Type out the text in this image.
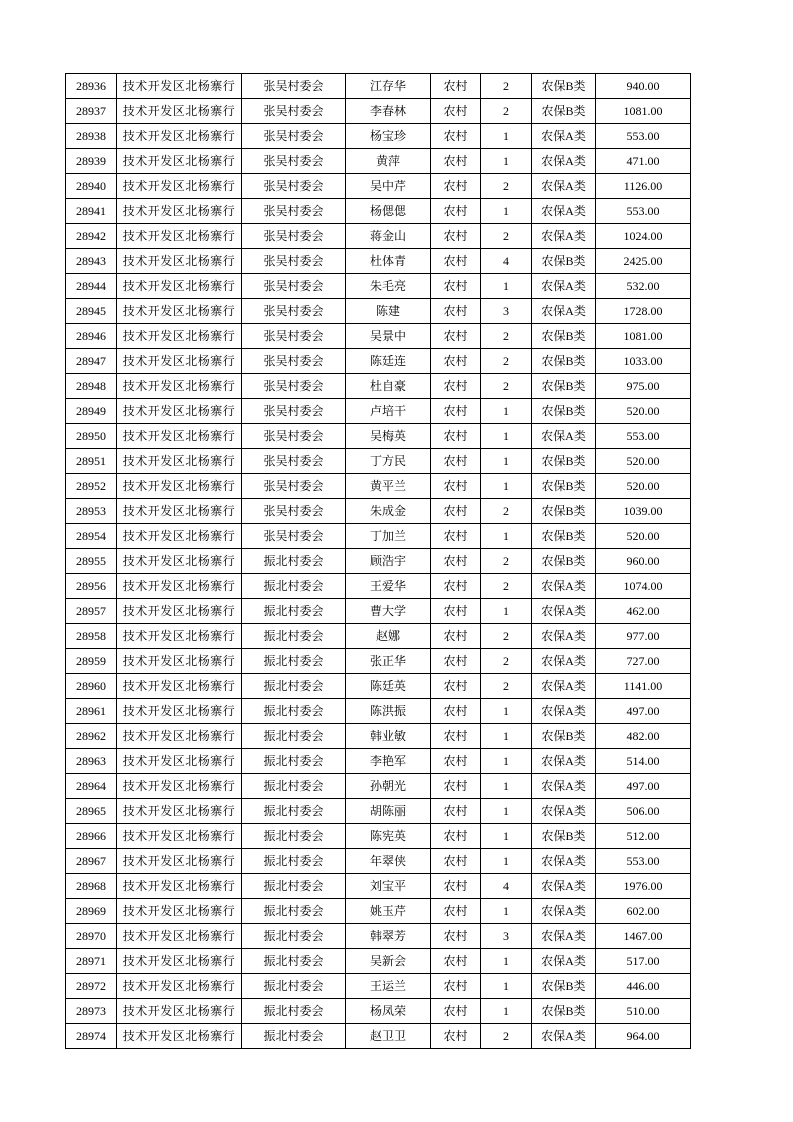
28936	技术开发区北杨寨行	张吴村委会	江存华	农村	2	农保B类	940.00
28937	技术开发区北杨寨行	张吴村委会	李春林	农村	2	农保B类	1081.00
28938	技术开发区北杨寨行	张吴村委会	杨宝珍	农村	1	农保A类	553.00
28939	技术开发区北杨寨行	张吴村委会	黄萍	农村	1	农保A类	471.00
28940	技术开发区北杨寨行	张吴村委会	吴中芹	农村	2	农保A类	1126.00
28941	技术开发区北杨寨行	张吴村委会	杨偲偲	农村	1	农保A类	553.00
28942	技术开发区北杨寨行	张吴村委会	蒋金山	农村	2	农保A类	1024.00
28943	技术开发区北杨寨行	张吴村委会	杜体青	农村	4	农保B类	2425.00
28944	技术开发区北杨寨行	张吴村委会	朱毛亮	农村	1	农保A类	532.00
28945	技术开发区北杨寨行	张吴村委会	陈建	农村	3	农保A类	1728.00
28946	技术开发区北杨寨行	张吴村委会	吴景中	农村	2	农保B类	1081.00
28947	技术开发区北杨寨行	张吴村委会	陈廷连	农村	2	农保B类	1033.00
28948	技术开发区北杨寨行	张吴村委会	杜自豪	农村	2	农保B类	975.00
28949	技术开发区北杨寨行	张吴村委会	卢培干	农村	1	农保B类	520.00
28950	技术开发区北杨寨行	张吴村委会	吴梅英	农村	1	农保A类	553.00
28951	技术开发区北杨寨行	张吴村委会	丁方民	农村	1	农保B类	520.00
28952	技术开发区北杨寨行	张吴村委会	黄平兰	农村	1	农保B类	520.00
28953	技术开发区北杨寨行	张吴村委会	朱成金	农村	2	农保B类	1039.00
28954	技术开发区北杨寨行	张吴村委会	丁加兰	农村	1	农保B类	520.00
28955	技术开发区北杨寨行	振北村委会	顾浩宇	农村	2	农保B类	960.00
28956	技术开发区北杨寨行	振北村委会	王爱华	农村	2	农保A类	1074.00
28957	技术开发区北杨寨行	振北村委会	曹大学	农村	1	农保A类	462.00
28958	技术开发区北杨寨行	振北村委会	赵娜	农村	2	农保A类	977.00
28959	技术开发区北杨寨行	振北村委会	张正华	农村	2	农保A类	727.00
28960	技术开发区北杨寨行	振北村委会	陈廷英	农村	2	农保A类	1141.00
28961	技术开发区北杨寨行	振北村委会	陈洪振	农村	1	农保A类	497.00
28962	技术开发区北杨寨行	振北村委会	韩业敏	农村	1	农保B类	482.00
28963	技术开发区北杨寨行	振北村委会	李艳军	农村	1	农保A类	514.00
28964	技术开发区北杨寨行	振北村委会	孙朝光	农村	1	农保A类	497.00
28965	技术开发区北杨寨行	振北村委会	胡陈丽	农村	1	农保A类	506.00
28966	技术开发区北杨寨行	振北村委会	陈宪英	农村	1	农保B类	512.00
28967	技术开发区北杨寨行	振北村委会	年翠侠	农村	1	农保A类	553.00
28968	技术开发区北杨寨行	振北村委会	刘宝平	农村	4	农保A类	1976.00
28969	技术开发区北杨寨行	振北村委会	姚玉芹	农村	1	农保A类	602.00
28970	技术开发区北杨寨行	振北村委会	韩翠芳	农村	3	农保A类	1467.00
28971	技术开发区北杨寨行	振北村委会	吴新会	农村	1	农保A类	517.00
28972	技术开发区北杨寨行	振北村委会	王运兰	农村	1	农保B类	446.00
28973	技术开发区北杨寨行	振北村委会	杨凤荣	农村	1	农保B类	510.00
28974	技术开发区北杨寨行	振北村委会	赵卫卫	农村	2	农保A类	964.00
